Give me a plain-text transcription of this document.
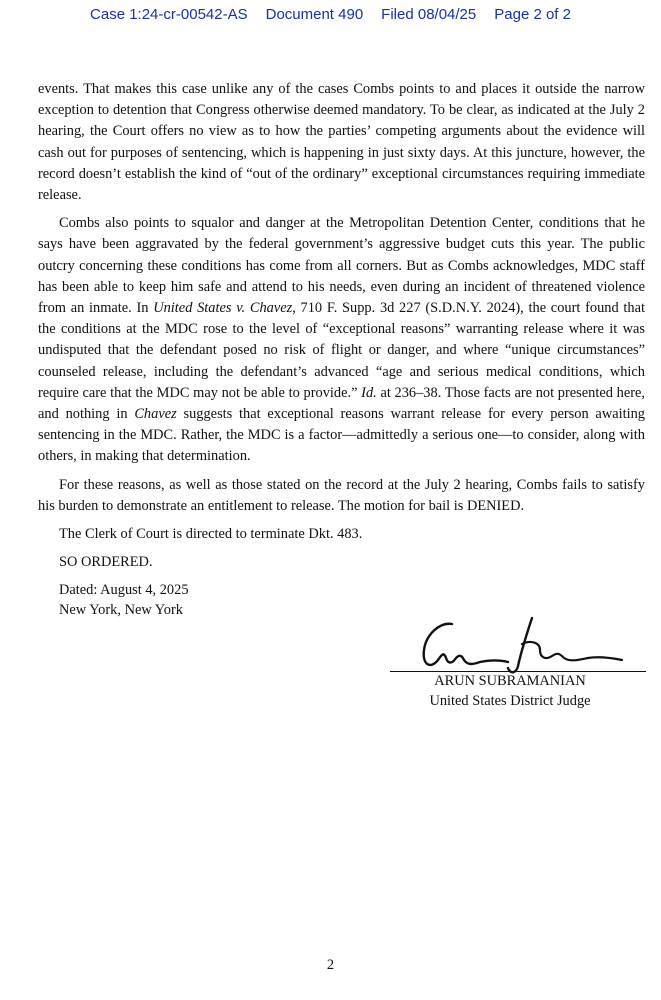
Case 1:24-cr-00542-AS Document 490 Filed 08/04/25 Page 2 of 2

events. That makes this case unlike any of the cases Combs points to and places it outside the narrow exception to detention that Congress otherwise deemed mandatory. To be clear, as indicated at the July 2 hearing, the Court offers no view as to how the parties’ competing arguments about the evidence will cash out for purposes of sentencing, which is happening in just sixty days. At this juncture, however, the record doesn’t establish the kind of “out of the ordinary” exceptional circumstances requiring immediate release.

Combs also points to squalor and danger at the Metropolitan Detention Center, conditions that he says have been aggravated by the federal government’s aggressive budget cuts this year. The public outcry concerning these conditions has come from all corners. But as Combs acknowledges, MDC staff has been able to keep him safe and attend to his needs, even during an incident of threatened violence from an inmate. In United States v. Chavez, 710 F. Supp. 3d 227 (S.D.N.Y. 2024), the court found that the conditions at the MDC rose to the level of “exceptional reasons” warranting release where it was undisputed that the defendant posed no risk of flight or danger, and where “unique circumstances” counseled release, including the defendant’s advanced “age and serious medical conditions, which require care that the MDC may not be able to provide.” Id. at 236–38. Those facts are not presented here, and nothing in Chavez suggests that exceptional reasons warrant release for every person awaiting sentencing in the MDC. Rather, the MDC is a factor—admittedly a serious one—to consider, along with others, in making that determination.

For these reasons, as well as those stated on the record at the July 2 hearing, Combs fails to satisfy his burden to demonstrate an entitlement to release. The motion for bail is DENIED.

The Clerk of Court is directed to terminate Dkt. 483.

SO ORDERED.

Dated: August 4, 2025
New York, New York
ARUN SUBRAMANIAN
United States District Judge
2
